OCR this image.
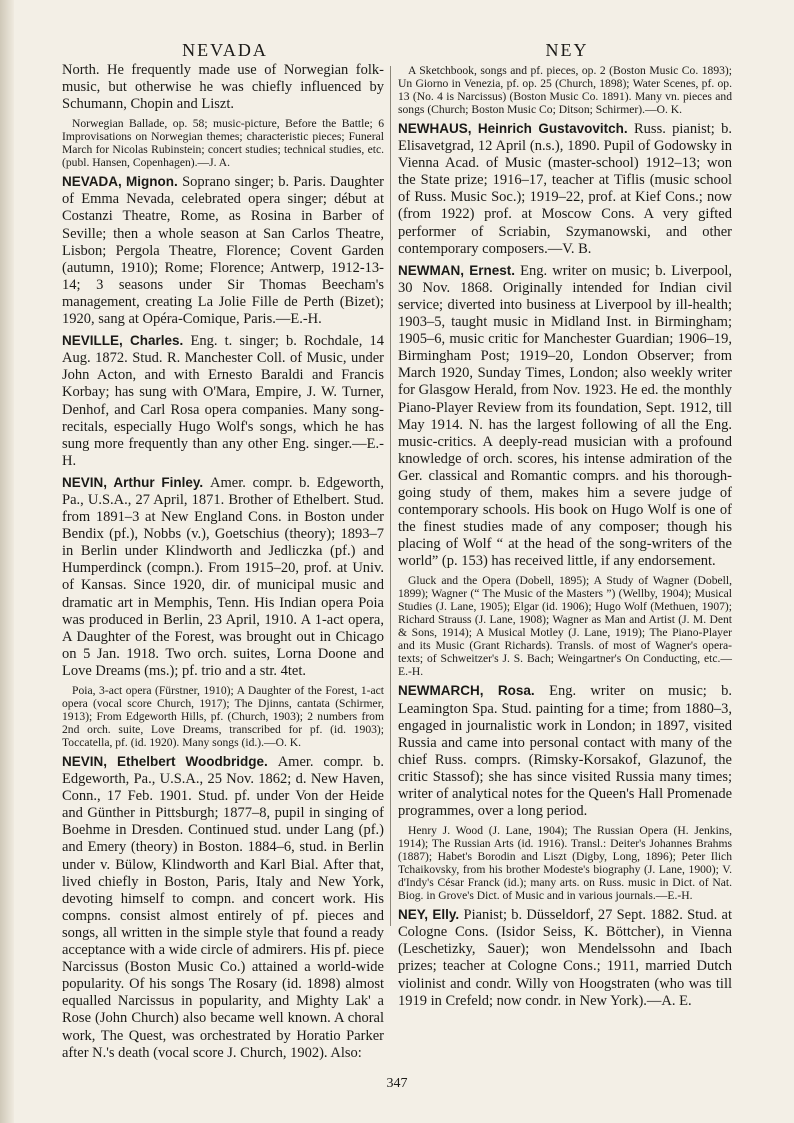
NEVADA	NEY

North. He frequently made use of Norwegian folk-music, but otherwise he was chiefly influenced by Schumann, Chopin and Liszt.

Norwegian Ballade, op. 58; music-picture, Before the Battle; 6 Improvisations on Norwegian themes; characteristic pieces; Funeral March for Nicolas Rubinstein; concert studies; technical studies, etc. (publ. Hansen, Copenhagen).—J. A.

NEVADA, Mignon. Soprano singer; b. Paris. Daughter of Emma Nevada, celebrated opera singer; début at Costanzi Theatre, Rome, as Rosina in Barber of Seville; then a whole season at San Carlos Theatre, Lisbon; Pergola Theatre, Florence; Covent Garden (autumn, 1910); Rome; Florence; Antwerp, 1912-13-14; 3 seasons under Sir Thomas Beecham's management, creating La Jolie Fille de Perth (Bizet); 1920, sang at Opéra-Comique, Paris.—E.-H.

NEVILLE, Charles. Eng. t. singer; b. Rochdale, 14 Aug. 1872. Stud. R. Manchester Coll. of Music, under John Acton, and with Ernesto Baraldi and Francis Korbay; has sung with O'Mara, Empire, J. W. Turner, Denhof, and Carl Rosa opera companies. Many song-recitals, especially Hugo Wolf's songs, which he has sung more frequently than any other Eng. singer.—E.-H.

NEVIN, Arthur Finley. Amer. compr. b. Edgeworth, Pa., U.S.A., 27 April, 1871. Brother of Ethelbert. Stud. from 1891–3 at New England Cons. in Boston under Bendix (pf.), Nobbs (v.), Goetschius (theory); 1893–7 in Berlin under Klindworth and Jedliczka (pf.) and Humperdinck (compn.). From 1915–20, prof. at Univ. of Kansas. Since 1920, dir. of municipal music and dramatic art in Memphis, Tenn. His Indian opera Poia was produced in Berlin, 23 April, 1910. A 1-act opera, A Daughter of the Forest, was brought out in Chicago on 5 Jan. 1918. Two orch. suites, Lorna Doone and Love Dreams (ms.); pf. trio and a str. 4tet.

Poia, 3-act opera (Fürstner, 1910); A Daughter of the Forest, 1-act opera (vocal score Church, 1917); The Djinns, cantata (Schirmer, 1913); From Edgeworth Hills, pf. (Church, 1903); 2 numbers from 2nd orch. suite, Love Dreams, transcribed for pf. (id. 1903); Toccatella, pf. (id. 1920). Many songs (id.).—O. K.

NEVIN, Ethelbert Woodbridge. Amer. compr. b. Edgeworth, Pa., U.S.A., 25 Nov. 1862; d. New Haven, Conn., 17 Feb. 1901. Stud. pf. under Von der Heide and Günther in Pittsburgh; 1877–8, pupil in singing of Boehme in Dresden. Continued stud. under Lang (pf.) and Emery (theory) in Boston. 1884–6, stud. in Berlin under v. Bülow, Klindworth and Karl Bial. After that, lived chiefly in Boston, Paris, Italy and New York, devoting himself to compn. and concert work. His compns. consist almost entirely of pf. pieces and songs, all written in the simple style that found a ready acceptance with a wide circle of admirers. His pf. piece Narcissus (Boston Music Co.) attained a world-wide popularity. Of his songs The Rosary (id. 1898) almost equalled Narcissus in popularity, and Mighty Lak' a Rose (John Church) also became well known. A choral work, The Quest, was orchestrated by Horatio Parker after N.'s death (vocal score J. Church, 1902). Also:

A Sketchbook, songs and pf. pieces, op. 2 (Boston Music Co. 1893); Un Giorno in Venezia, pf. op. 25 (Church, 1898); Water Scenes, pf. op. 13 (No. 4 is Narcissus) (Boston Music Co. 1891). Many vn. pieces and songs (Church; Boston Music Co; Ditson; Schirmer).—O. K.

NEWHAUS, Heinrich Gustavovitch. Russ. pianist; b. Elisavetgrad, 12 April (n.s.), 1890. Pupil of Godowsky in Vienna Acad. of Music (master-school) 1912–13; won the State prize; 1916–17, teacher at Tiflis (music school of Russ. Music Soc.); 1919–22, prof. at Kief Cons.; now (from 1922) prof. at Moscow Cons. A very gifted performer of Scriabin, Szymanowski, and other contemporary composers.—V. B.

NEWMAN, Ernest. Eng. writer on music; b. Liverpool, 30 Nov. 1868. Originally intended for Indian civil service; diverted into business at Liverpool by ill-health; 1903–5, taught music in Midland Inst. in Birmingham; 1905–6, music critic for Manchester Guardian; 1906–19, Birmingham Post; 1919–20, London Observer; from March 1920, Sunday Times, London; also weekly writer for Glasgow Herald, from Nov. 1923. He ed. the monthly Piano-Player Review from its foundation, Sept. 1912, till May 1914. N. has the largest following of all the Eng. music-critics. A deeply-read musician with a profound knowledge of orch. scores, his intense admiration of the Ger. classical and Romantic comprs. and his thorough-going study of them, makes him a severe judge of contemporary schools. His book on Hugo Wolf is one of the finest studies made of any composer; though his placing of Wolf “ at the head of the song-writers of the world” (p. 153) has received little, if any endorsement.

Gluck and the Opera (Dobell, 1895); A Study of Wagner (Dobell, 1899); Wagner (“ The Music of the Masters ”) (Wellby, 1904); Musical Studies (J. Lane, 1905); Elgar (id. 1906); Hugo Wolf (Methuen, 1907); Richard Strauss (J. Lane, 1908); Wagner as Man and Artist (J. M. Dent & Sons, 1914); A Musical Motley (J. Lane, 1919); The Piano-Player and its Music (Grant Richards). Transls. of most of Wagner's opera-texts; of Schweitzer's J. S. Bach; Weingartner's On Conducting, etc.—E.-H.

NEWMARCH, Rosa. Eng. writer on music; b. Leamington Spa. Stud. painting for a time; from 1880–3, engaged in journalistic work in London; in 1897, visited Russia and came into personal contact with many of the chief Russ. comprs. (Rimsky-Korsakof, Glazunof, the critic Stassof); she has since visited Russia many times; writer of analytical notes for the Queen's Hall Promenade programmes, over a long period.

Henry J. Wood (J. Lane, 1904); The Russian Opera (H. Jenkins, 1914); The Russian Arts (id. 1916). Transl.: Deiter's Johannes Brahms (1887); Habet's Borodin and Liszt (Digby, Long, 1896); Peter Ilich Tchaikovsky, from his brother Modeste's biography (J. Lane, 1900); V. d'Indy's César Franck (id.); many arts. on Russ. music in Dict. of Nat. Biog. in Grove's Dict. of Music and in various journals.—E.-H.

NEY, Elly. Pianist; b. Düsseldorf, 27 Sept. 1882. Stud. at Cologne Cons. (Isidor Seiss, K. Böttcher), in Vienna (Leschetizky, Sauer); won Mendelssohn and Ibach prizes; teacher at Cologne Cons.; 1911, married Dutch violinist and condr. Willy von Hoogstraten (who was till 1919 in Crefeld; now condr. in New York).—A. E.

347
